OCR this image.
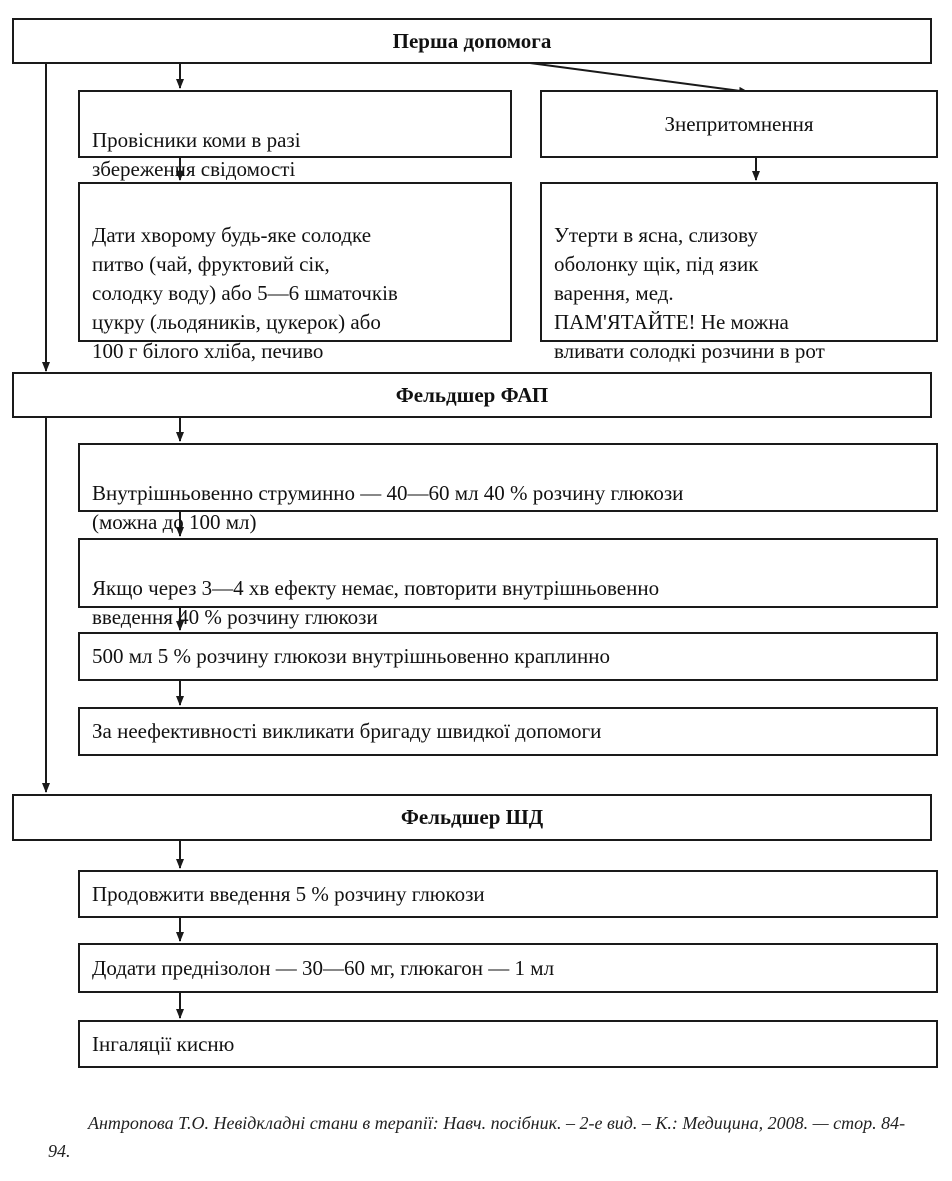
Перша допомога

Провісники коми в разі
збереження свідомості

Знепритомнення

Дати хворому будь-яке солодке
питво (чай, фруктовий сік,
солодку воду) або 5—6 шматочків
цукру (льодяників, цукерок) або
100 г білого хліба, печиво

Утерти в ясна, слизову
оболонку щік, під язик
варення, мед.
ПАМ'ЯТАЙТЕ! Не можна
вливати солодкі розчини в рот

Фельдшер ФАП

Внутрішньовенно струминно — 40—60 мл 40 % розчину глюкози
(можна до 100 мл)

Якщо через 3—4 хв ефекту немає, повторити внутрішньовенно
введення 40 % розчину глюкози

500 мл 5 % розчину глюкози внутрішньовенно краплинно
За неефективності викликати бригаду швидкої допомоги
Фельдшер ШД
Продовжити введення 5 % розчину глюкози
Додати преднізолон — 30—60 мг, глюкагон — 1 мл
Інгаляції кисню
Антропова Т.О. Невідкладні стани в терапії: Навч. посібник. – 2-е вид. – К.: Медицина, 2008. — стор. 84-94.
